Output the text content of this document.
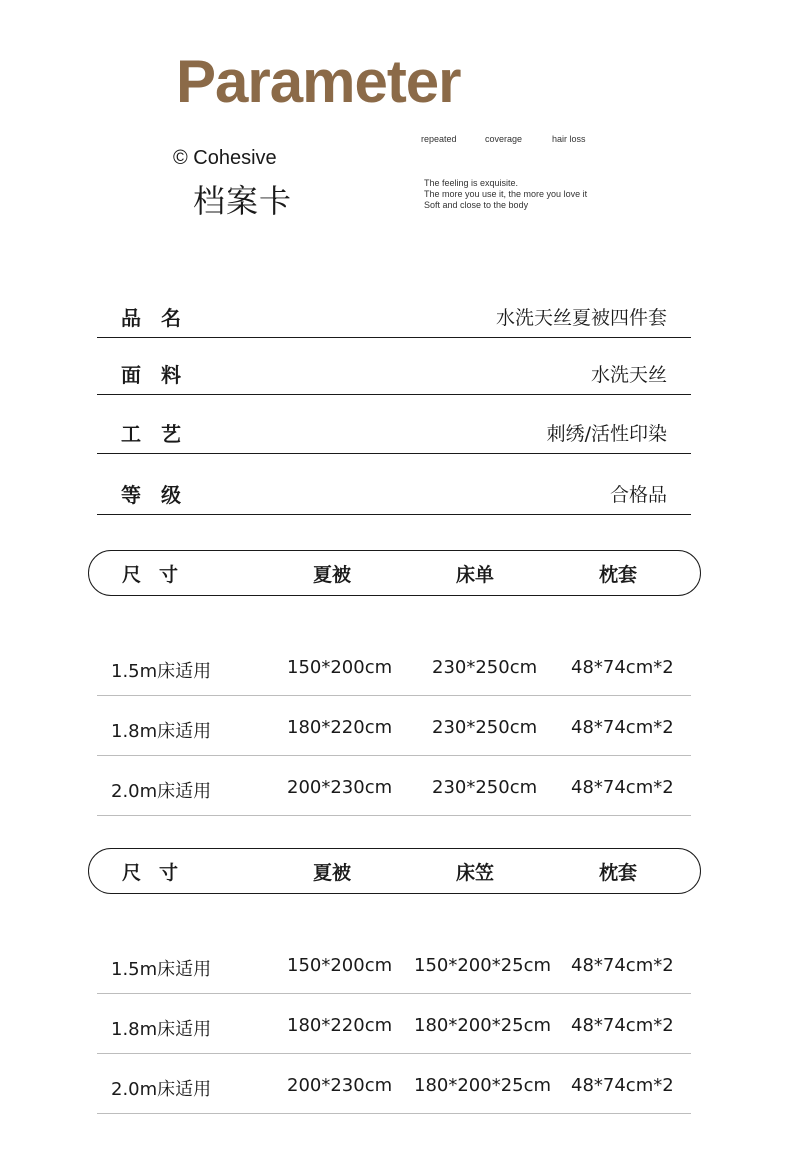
Parameter
© Cohesive
档案卡
repeated	coverage	hair loss
The feeling is exquisite.
The more you use it, the more you love it
Soft and close to the body
品名	水洗天丝夏被四件套
面料	水洗天丝
工艺	刺绣/活性印染
等级	合格品
尺寸	夏被	床单	枕套
1.5m床适用	150*200cm 230*250cm 48*74cm*2
1.8m床适用	180*220cm 230*250cm 48*74cm*2
2.0m床适用	200*230cm 230*250cm 48*74cm*2
尺寸	夏被	床笠	枕套
1.5m床适用	150*200cm 150*200*25cm 48*74cm*2
1.8m床适用	180*220cm 180*200*25cm 48*74cm*2
2.0m床适用	200*230cm 180*200*25cm 48*74cm*2
